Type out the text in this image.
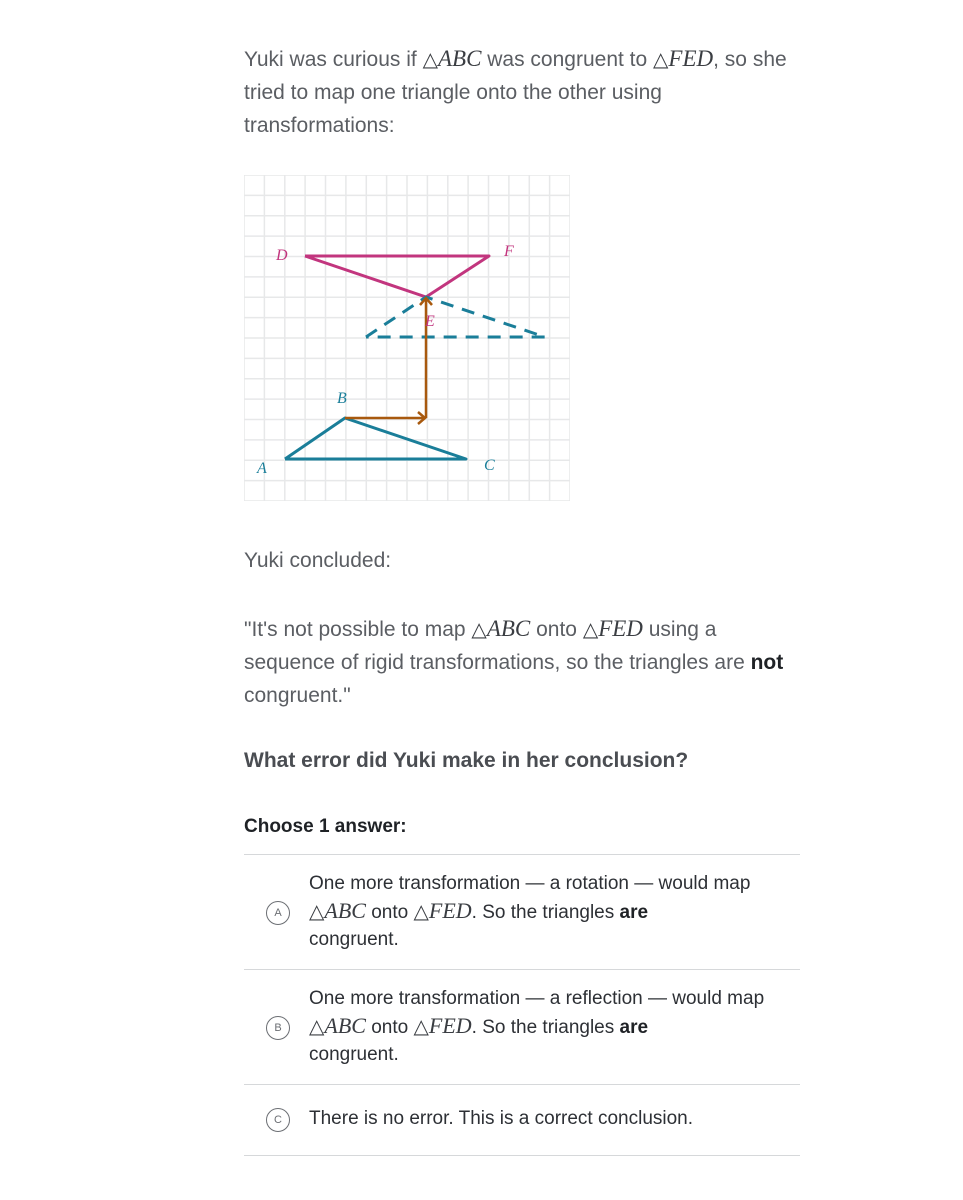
Yuki was curious if △ABC was congruent to △FED, so she tried to map one triangle onto the other using transformations:

D	F
E
B
A	C

Yuki concluded:

"It's not possible to map △ABC onto △FED using a sequence of rigid transformations, so the triangles are not congruent."

What error did Yuki make in her conclusion?

Choose 1 answer:

A
One more transformation — a rotation — would map △ABC onto △FED. So the triangles are
congruent.
B
One more transformation — a reflection — would map △ABC onto △FED. So the triangles are
congruent.
C	There is no error. This is a correct conclusion.
